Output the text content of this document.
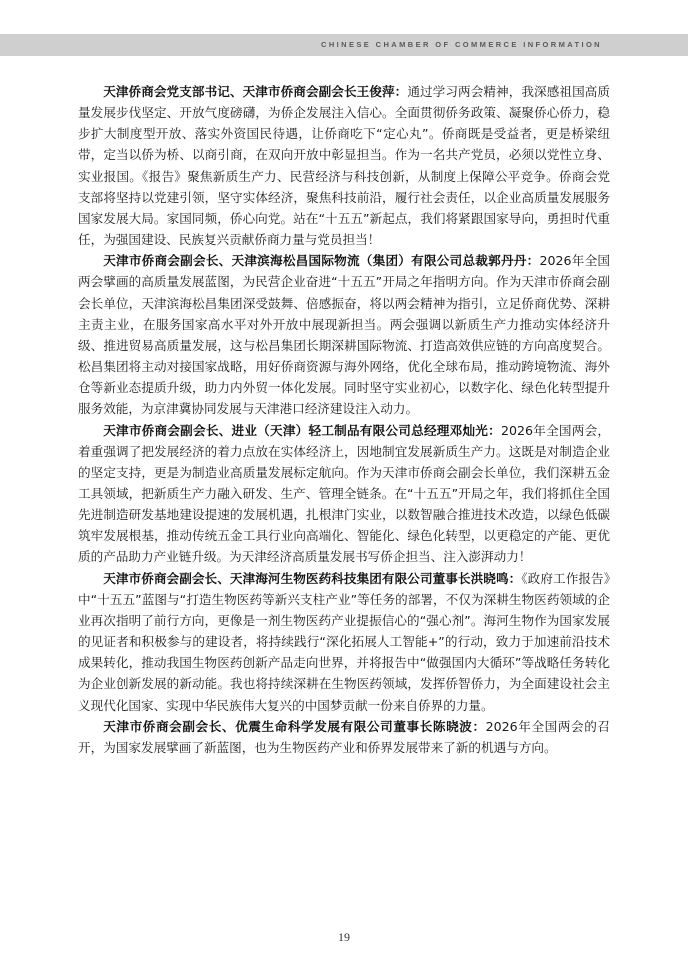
CHINESE CHAMBER OF COMMERCE INFORMATION

天津侨商会党支部书记、天津市侨商会副会长王俊萍：通过学习两会精神，我深感祖国高质量发展步伐坚定、开放气度磅礴，为侨企发展注入信心。全面贯彻侨务政策、凝聚侨心侨力，稳步扩大制度型开放、落实外资国民待遇，让侨商吃下“定心丸”。侨商既是受益者，更是桥梁纽带，定当以侨为桥、以商引商，在双向开放中彰显担当。作为一名共产党员，必须以党性立身、实业报国。《报告》聚焦新质生产力、民营经济与科技创新，从制度上保障公平竞争。侨商会党支部将坚持以党建引领，坚守实体经济，聚焦科技前沿，履行社会责任，以企业高质量发展服务国家发展大局。家国同频，侨心向党。站在“十五五”新起点，我们将紧跟国家导向，勇担时代重任，为强国建设、民族复兴贡献侨商力量与党员担当！

天津市侨商会副会长、天津滨海松昌国际物流（集团）有限公司总裁郭丹丹：2026年全国两会擘画的高质量发展蓝图，为民营企业奋进“十五五”开局之年指明方向。作为天津市侨商会副会长单位，天津滨海松昌集团深受鼓舞、倍感振奋，将以两会精神为指引，立足侨商优势、深耕主责主业，在服务国家高水平对外开放中展现新担当。两会强调以新质生产力推动实体经济升级、推进贸易高质量发展，这与松昌集团长期深耕国际物流、打造高效供应链的方向高度契合。松昌集团将主动对接国家战略，用好侨商资源与海外网络，优化全球布局，推动跨境物流、海外仓等新业态提质升级，助力内外贸一体化发展。同时坚守实业初心，以数字化、绿色化转型提升服务效能，为京津冀协同发展与天津港口经济建设注入动力。

天津市侨商会副会长、进业（天津）轻工制品有限公司总经理邓灿光：2026年全国两会，着重强调了把发展经济的着力点放在实体经济上，因地制宜发展新质生产力。这既是对制造企业的坚定支持，更是为制造业高质量发展标定航向。作为天津市侨商会副会长单位，我们深耕五金工具领域，把新质生产力融入研发、生产、管理全链条。在“十五五”开局之年，我们将抓住全国先进制造研发基地建设提速的发展机遇，扎根津门实业，以数智融合推进技术改造，以绿色低碳筑牢发展根基，推动传统五金工具行业向高端化、智能化、绿色化转型，以更稳定的产能、更优质的产品助力产业链升级。为天津经济高质量发展书写侨企担当、注入澎湃动力！

天津市侨商会副会长、天津海河生物医药科技集团有限公司董事长洪晓鸣：《政府工作报告》中“十五五”蓝图与“打造生物医药等新兴支柱产业”等任务的部署，不仅为深耕生物医药领域的企业再次指明了前行方向，更像是一剂生物医药产业提振信心的“强心剂”。海河生物作为国家发展的见证者和积极参与的建设者，将持续践行“深化拓展人工智能+”的行动，致力于加速前沿技术成果转化，推动我国生物医药创新产品走向世界，并将报告中“做强国内大循环”等战略任务转化为企业创新发展的新动能。我也将持续深耕在生物医药领域，发挥侨智侨力，为全面建设社会主义现代化国家、实现中华民族伟大复兴的中国梦贡献一份来自侨界的力量。

天津市侨商会副会长、优震生命科学发展有限公司董事长陈晓波：2026年全国两会的召开，为国家发展擘画了新蓝图，也为生物医药产业和侨界发展带来了新的机遇与方向。

19
